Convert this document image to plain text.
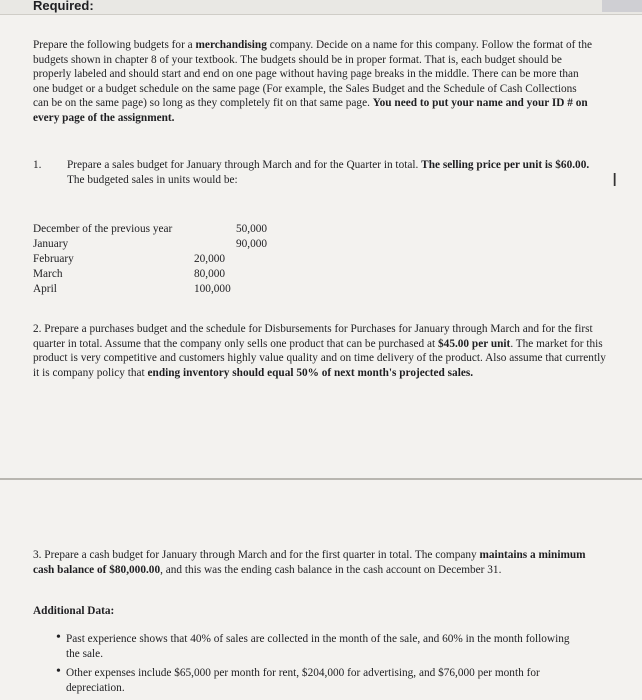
Required:
Prepare the following budgets for a merchandising company. Decide on a name for this company. Follow the format of the budgets shown in chapter 8 of your textbook. The budgets should be in proper format. That is, each budget should be properly labeled and should start and end on one page without having page breaks in the middle. There can be more than one budget or a budget schedule on the same page (For example, the Sales Budget and the Schedule of Cash Collections can be on the same page) so long as they completely fit on that same page. You need to put your name and your ID # on every page of the assignment.
1. Prepare a sales budget for January through March and for the Quarter in total. The selling price per unit is $60.00.
The budgeted sales in units would be:	I
December of the previous year	50,000
January	90,000
February	20,000
March	80,000
April	100,000
2. Prepare a purchases budget and the schedule for Disbursements for Purchases for January through March and for the first quarter in total. Assume that the company only sells one product that can be purchased at $45.00 per unit. The market for this product is very competitive and customers highly value quality and on time delivery of the product. Also assume that currently it is company policy that ending inventory should equal 50% of next month's projected sales.
3. Prepare a cash budget for January through March and for the first quarter in total. The company maintains a minimum cash balance of $80,000.00, and this was the ending cash balance in the cash account on December 31.
Additional Data:
• Past experience shows that 40% of sales are collected in the month of the sale, and 60% in the month following the sale.
• Other expenses include $65,000 per month for rent, $204,000 for advertising, and $76,000 per month for depreciation.
